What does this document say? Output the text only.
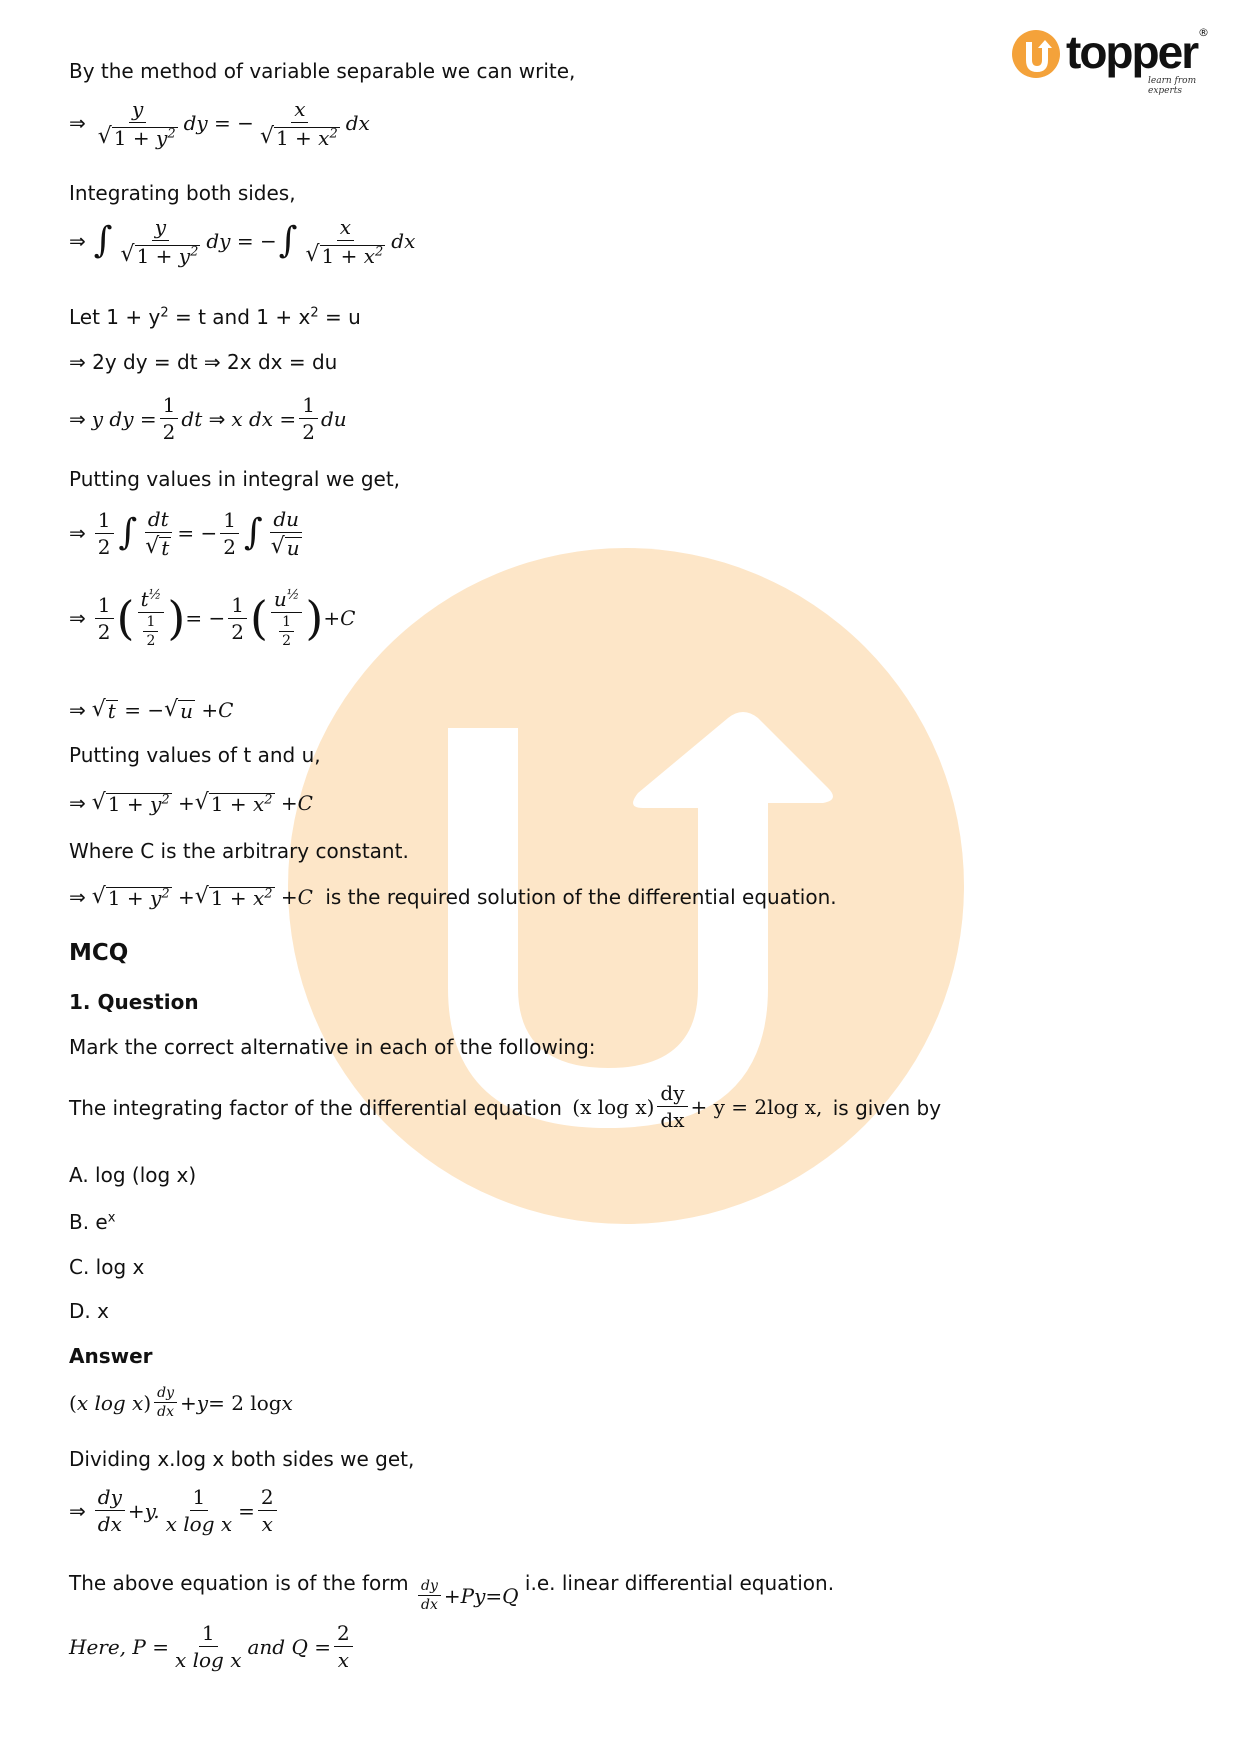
topper ®
learn from experts
By the method of variable separable we can write,
⇒ $\frac{y}{√ 1 + y^2}$ dy = − $\frac{x}{√ 1 + x^2}$ dx
Integrating both sides,
⇒ ∫ $\frac{y}{√ 1 + y^2}$ dy = − ∫ $\frac{x}{√ 1 + x^2}$ dx
Let $1 + y^2 = t$ and $1 + x^2 = u$
⇒ 2y dy = dt ⇒ 2x dx = du
⇒ y dy = $\frac{1}{2}$ dt ⇒ x dx = $\frac{1}{2}$ du
Putting values in integral we get,
⇒ $\frac{1}{2}$ ∫ $\frac{dt}{√ t}$ = − $\frac{1}{2}$ ∫ $\frac{du}{√ u}$
⇒ $\frac{1}{2}$ ( $\frac{t^{\frac{1}{2}}}{\frac{1}{2}}$ ) = − $\frac{1}{2}$ ( $\frac{u^{\frac{1}{2}}}{\frac{1}{2}}$ ) + C
⇒ √ t = − √ u + C
Putting values of t and u,
⇒ √ $1 + y^2$ + √ $1 + x^2 + C$
Where C is the arbitrary constant.
⇒ √ $1 + y^2$ + √ $1 + x^2 + C$ is the required solution of the differential equation.
MCQ
1. Question
Mark the correct alternative in each of the following:
The integrating factor of the differential equation (x $\log x) \frac{dy}{dx} + y = 2\log$ x, is given by
A. log (log x)
B. $e^x$
C. log x
D. x
Answer
( x log x ) $\frac{dy}{dx} + y = 2$ log x
Dividing x.log x both sides we get,
⇒ $\frac{dy}{dx} + y$. $\frac{1}{\text{x log x}} = \frac{2}{x}$
The above equation is of the form $\frac{dy}{dx} + Py = Q$ i.e. linear differential equation.
Here, $P = \frac{1}{\text{x log x}}$ and $Q = \frac{2}{x}$
